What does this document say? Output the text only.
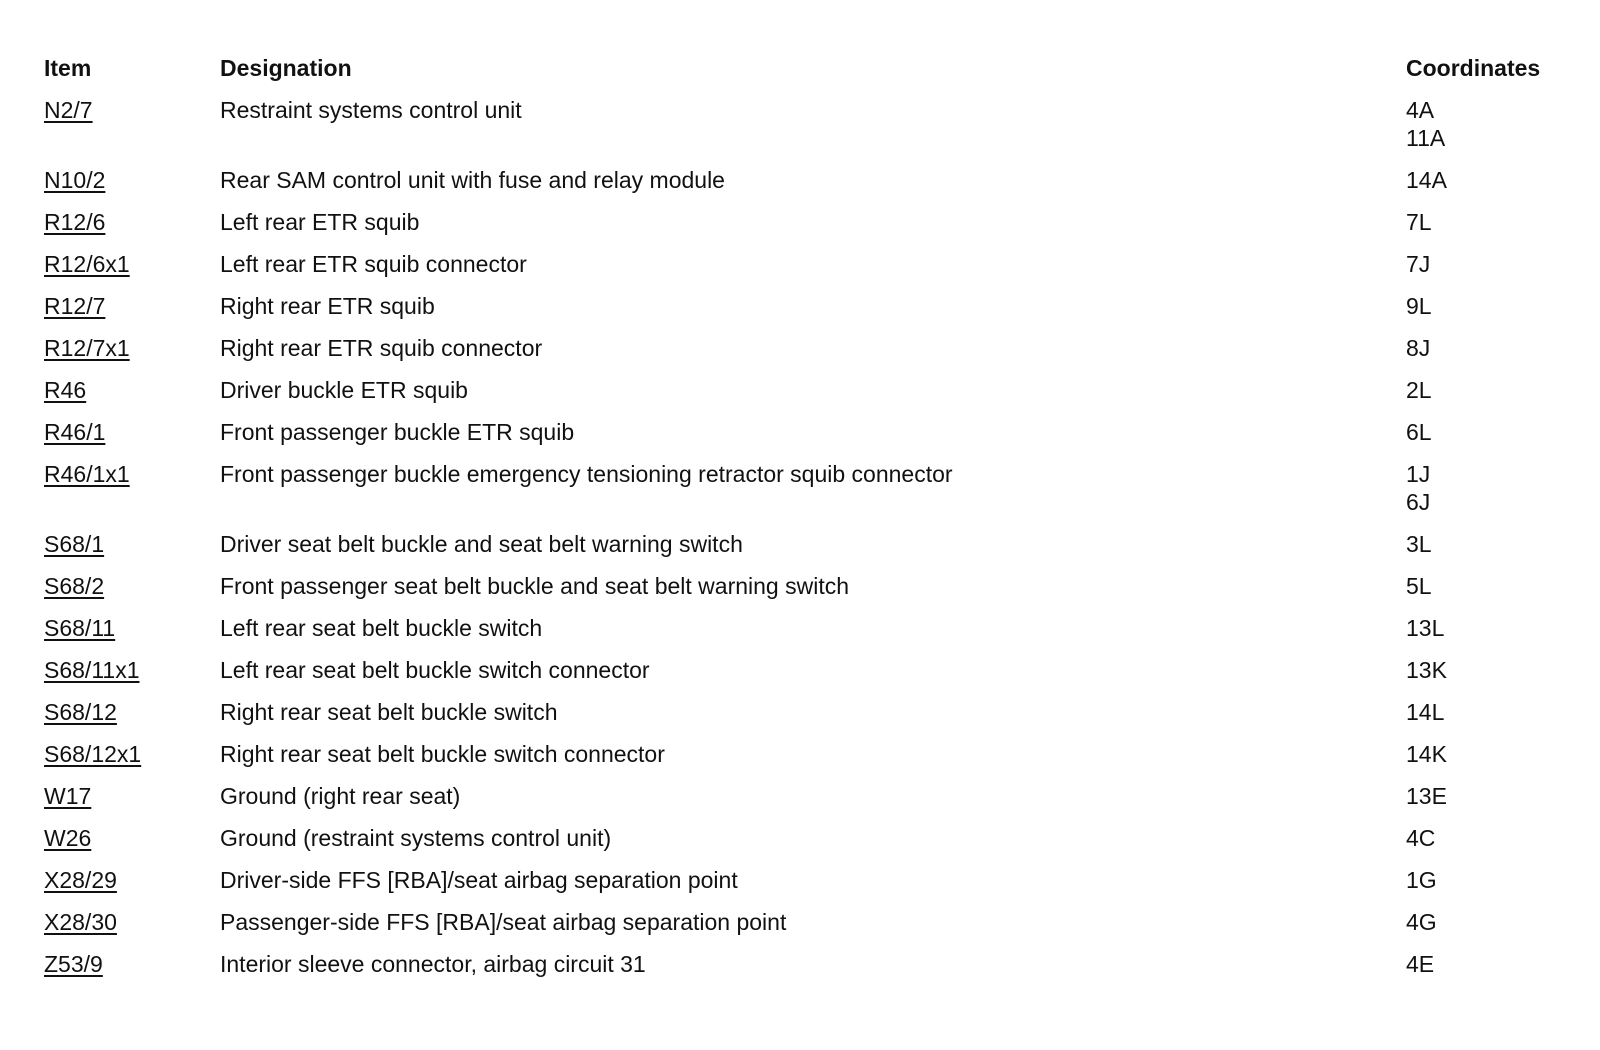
Item	Designation	Coordinates
N2/7	Restraint systems control unit	4A
11A
N10/2	Rear SAM control unit with fuse and relay module	14A
R12/6	Left rear ETR squib	7L
R12/6x1	Left rear ETR squib connector	7J
R12/7	Right rear ETR squib	9L
R12/7x1	Right rear ETR squib connector	8J
R46	Driver buckle ETR squib	2L
R46/1	Front passenger buckle ETR squib	6L
R46/1x1	Front passenger buckle emergency tensioning retractor squib connector	1J
6J
S68/1	Driver seat belt buckle and seat belt warning switch	3L
S68/2	Front passenger seat belt buckle and seat belt warning switch	5L
S68/11	Left rear seat belt buckle switch	13L
S68/11x1	Left rear seat belt buckle switch connector	13K
S68/12	Right rear seat belt buckle switch	14L
S68/12x1	Right rear seat belt buckle switch connector	14K
W17	Ground (right rear seat)	13E
W26	Ground (restraint systems control unit)	4C
X28/29	Driver-side FFS [RBA]/seat airbag separation point	1G
X28/30	Passenger-side FFS [RBA]/seat airbag separation point	4G
Z53/9	Interior sleeve connector, airbag circuit 31	4E
